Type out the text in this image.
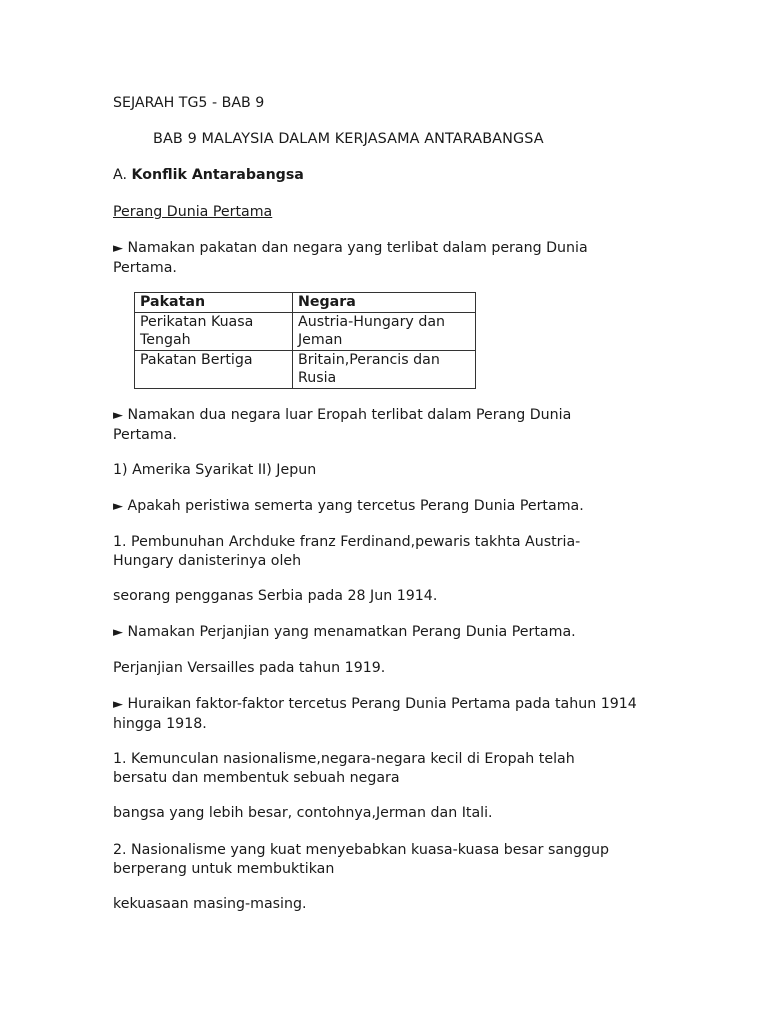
SEJARAH TG5 - BAB 9

BAB 9 MALAYSIA DALAM KERJASAMA ANTARABANGSA

A. Konflik Antarabangsa

Perang Dunia Pertama

► Namakan pakatan dan negara yang terlibat dalam perang Dunia Pertama.

Pakatan	Negara
Perikatan Kuasa Tengah	Austria-Hungary dan Jeman
Pakatan Bertiga	Britain,Perancis dan Rusia

► Namakan dua negara luar Eropah terlibat dalam Perang Dunia Pertama.

1) Amerika Syarikat II) Jepun

► Apakah peristiwa semerta yang tercetus Perang Dunia Pertama.

1. Pembunuhan Archduke franz Ferdinand,pewaris takhta Austria-Hungary danisterinya oleh

seorang pengganas Serbia pada 28 Jun 1914.

► Namakan Perjanjian yang menamatkan Perang Dunia Pertama.

Perjanjian Versailles pada tahun 1919.

► Huraikan faktor-faktor tercetus Perang Dunia Pertama pada tahun 1914 hingga 1918.

1. Kemunculan nasionalisme,negara-negara kecil di Eropah telah bersatu dan membentuk sebuah negara

bangsa yang lebih besar, contohnya,Jerman dan Itali.

2. Nasionalisme yang kuat menyebabkan kuasa-kuasa besar sanggup berperang untuk membuktikan

kekuasaan masing-masing.
